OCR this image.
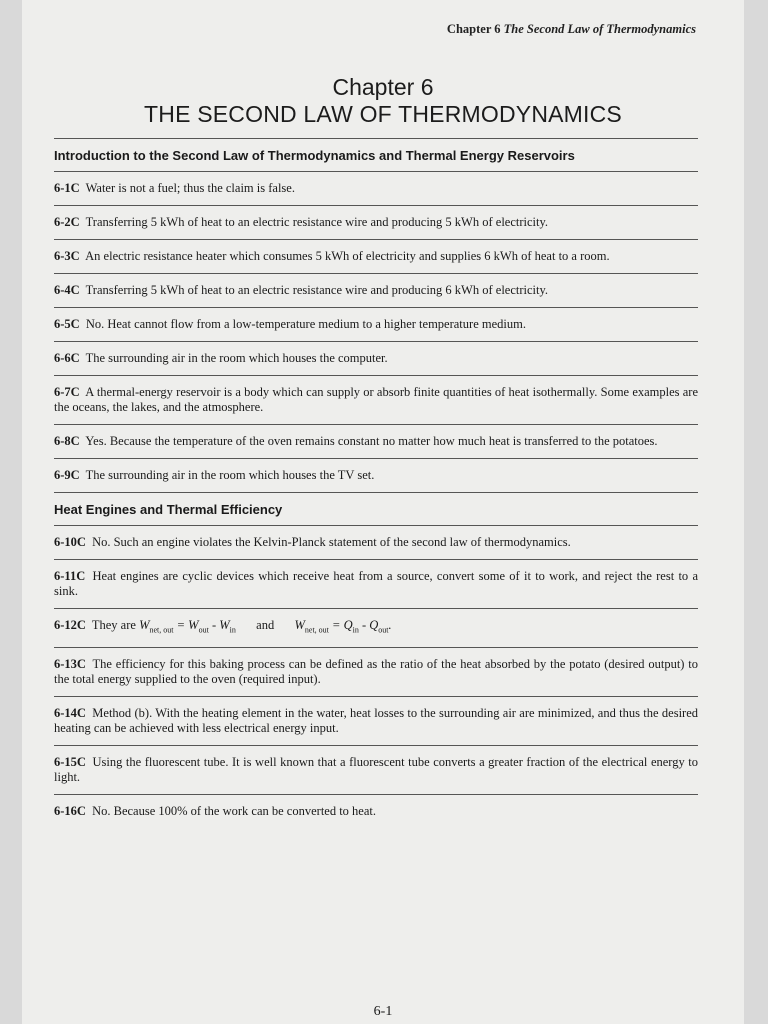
Chapter 6 The Second Law of Thermodynamics
Chapter 6
THE SECOND LAW OF THERMODYNAMICS
Introduction to the Second Law of Thermodynamics and Thermal Energy Reservoirs
6-1C Water is not a fuel; thus the claim is false.
6-2C Transferring 5 kWh of heat to an electric resistance wire and producing 5 kWh of electricity.
6-3C An electric resistance heater which consumes 5 kWh of electricity and supplies 6 kWh of heat to a room.
6-4C Transferring 5 kWh of heat to an electric resistance wire and producing 6 kWh of electricity.
6-5C No. Heat cannot flow from a low-temperature medium to a higher temperature medium.
6-6C The surrounding air in the room which houses the computer.
6-7C A thermal-energy reservoir is a body which can supply or absorb finite quantities of heat isothermally. Some examples are the oceans, the lakes, and the atmosphere.
6-8C Yes. Because the temperature of the oven remains constant no matter how much heat is transferred to the potatoes.
6-9C The surrounding air in the room which houses the TV set.
Heat Engines and Thermal Efficiency
6-10C No. Such an engine violates the Kelvin-Planck statement of the second law of thermodynamics.
6-11C Heat engines are cyclic devices which receive heat from a source, convert some of it to work, and reject the rest to a sink.
6-12C They are $W_{net, out} = W_{out} - W_{in}$ and $W_{net, out} = Q_{in} - Q_{out}$.
6-13C The efficiency for this baking process can be defined as the ratio of the heat absorbed by the potato (desired output) to the total energy supplied to the oven (required input).
6-14C Method (b). With the heating element in the water, heat losses to the surrounding air are minimized, and thus the desired heating can be achieved with less electrical energy input.
6-15C Using the fluorescent tube. It is well known that a fluorescent tube converts a greater fraction of the electrical energy to light.
6-16C No. Because 100% of the work can be converted to heat.
6-1
